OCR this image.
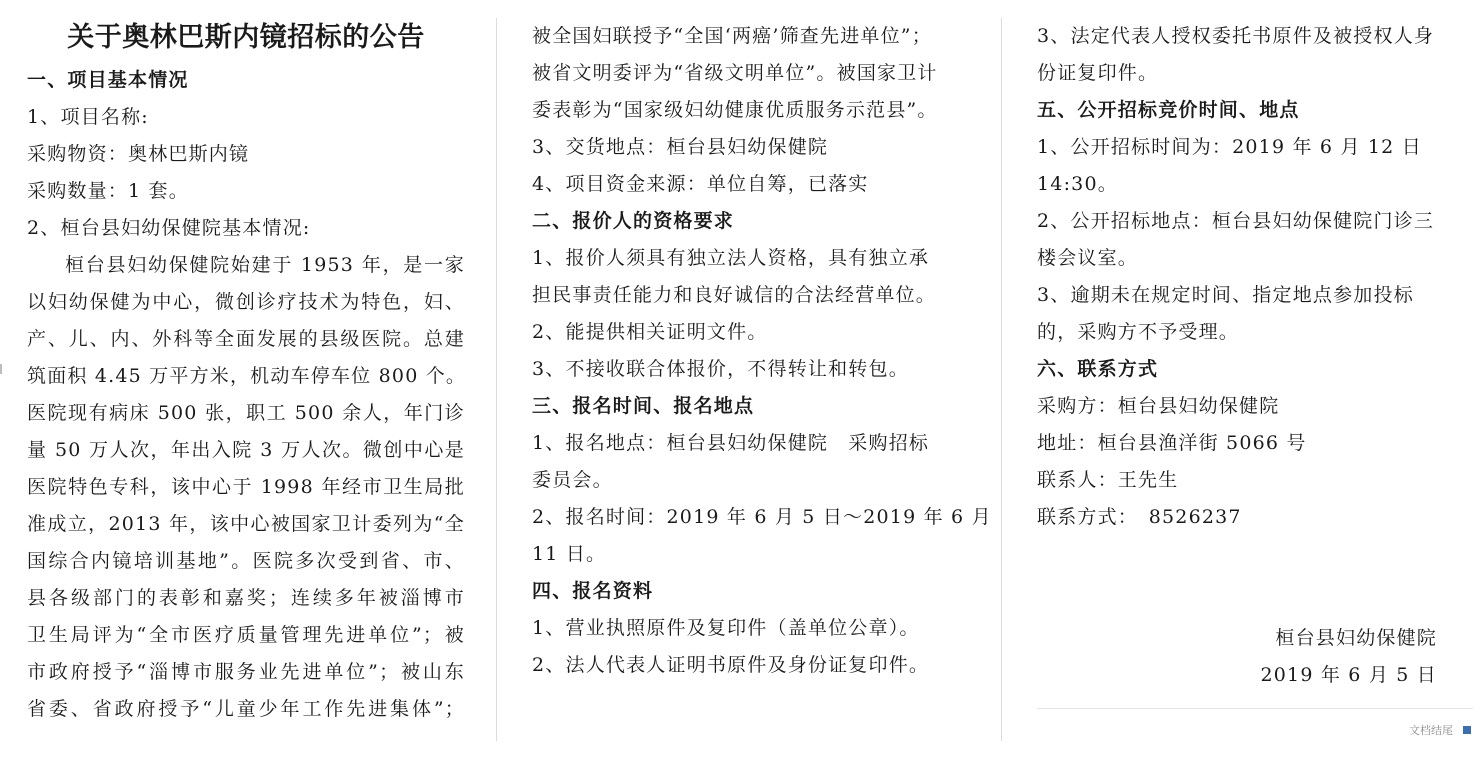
关于奥林巴斯内镜招标的公告
一、项目基本情况
1、项目名称:
采购物资：奥林巴斯内镜
采购数量：1 套。
2、桓台县妇幼保健院基本情况:
桓台县妇幼保健院始建于 1953 年，是一家
以妇幼保健为中心，微创诊疗技术为特色，妇、
产、儿、内、外科等全面发展的县级医院。总建
筑面积 4.45 万平方米，机动车停车位 800 个。
医院现有病床 500 张，职工 500 余人，年门诊
量 50 万人次，年出入院 3 万人次。微创中心是
医院特色专科，该中心于 1998 年经市卫生局批
准成立，2013 年，该中心被国家卫计委列为“全
国综合内镜培训基地”。医院多次受到省、市、
县各级部门的表彰和嘉奖；连续多年被淄博市
卫生局评为“全市医疗质量管理先进单位”；被
市政府授予“淄博市服务业先进单位”；被山东
省委、省政府授予“儿童少年工作先进集体”；
被全国妇联授予“全国‘两癌’筛查先进单位”；
被省文明委评为“省级文明单位”。被国家卫计
委表彰为“国家级妇幼健康优质服务示范县”。
3、交货地点：桓台县妇幼保健院
4、项目资金来源：单位自筹，已落实
二、报价人的资格要求
1、报价人须具有独立法人资格，具有独立承
担民事责任能力和良好诚信的合法经营单位。
2、能提供相关证明文件。
3、不接收联合体报价，不得转让和转包。
三、报名时间、报名地点
1、报名地点：桓台县妇幼保健院　采购招标
委员会。
2、报名时间：2019 年 6 月 5 日～2019 年 6 月
11 日。
四、报名资料
1、营业执照原件及复印件（盖单位公章）。
2、法人代表人证明书原件及身份证复印件。
3、法定代表人授权委托书原件及被授权人身
份证复印件。
五、公开招标竞价时间、地点
1、公开招标时间为：2019 年 6 月 12 日
14:30。
2、公开招标地点：桓台县妇幼保健院门诊三
楼会议室。
3、逾期未在规定时间、指定地点参加投标
的，采购方不予受理。
六、联系方式
采购方：桓台县妇幼保健院
地址：桓台县渔洋街 5066 号
联系人：王先生
联系方式：　8526237
桓台县妇幼保健院
2019 年 6 月 5 日
文档结尾
